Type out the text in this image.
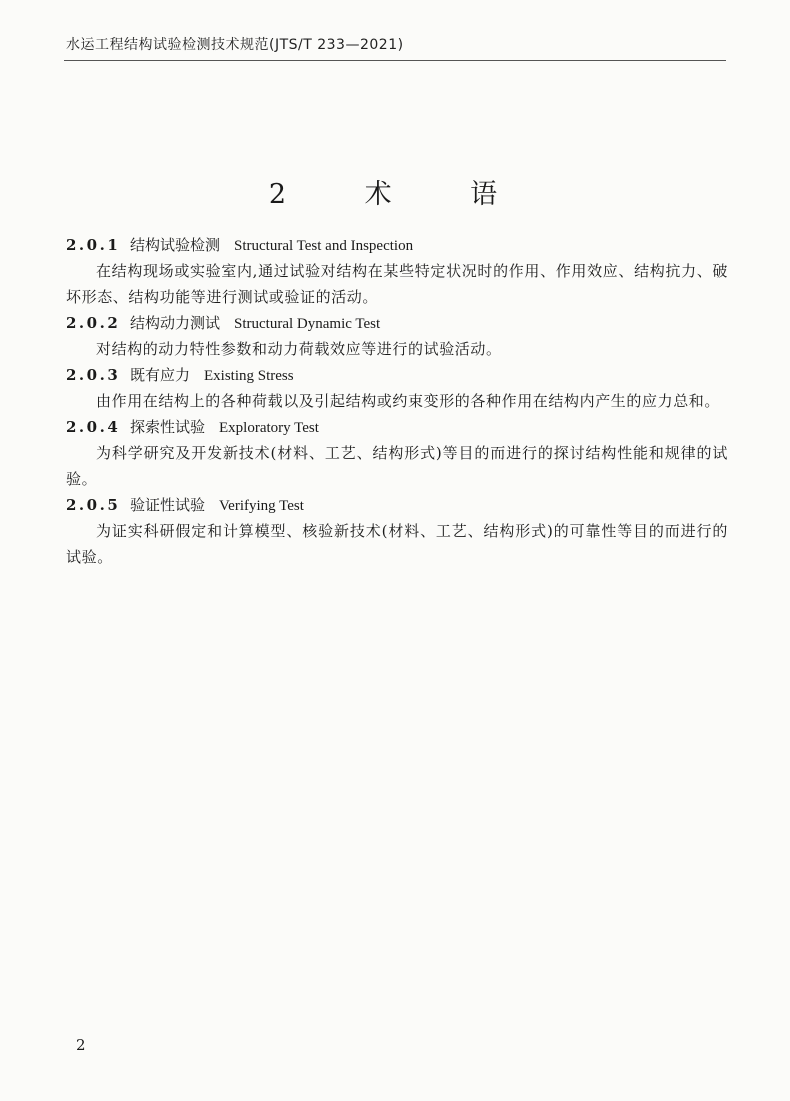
水运工程结构试验检测技术规范(JTS/T 233—2021)
2 术 语
2.0.1 结构试验检测 Structural Test and Inspection
在结构现场或实验室内,通过试验对结构在某些特定状况时的作用、作用效应、结构抗力、破坏形态、结构功能等进行测试或验证的活动。
2.0.2 结构动力测试 Structural Dynamic Test
对结构的动力特性参数和动力荷载效应等进行的试验活动。
2.0.3 既有应力 Existing Stress
由作用在结构上的各种荷载以及引起结构或约束变形的各种作用在结构内产生的应力总和。
2.0.4 探索性试验 Exploratory Test
为科学研究及开发新技术(材料、工艺、结构形式)等目的而进行的探讨结构性能和规律的试验。
2.0.5 验证性试验 Verifying Test
为证实科研假定和计算模型、核验新技术(材料、工艺、结构形式)的可靠性等目的而进行的试验。
2
